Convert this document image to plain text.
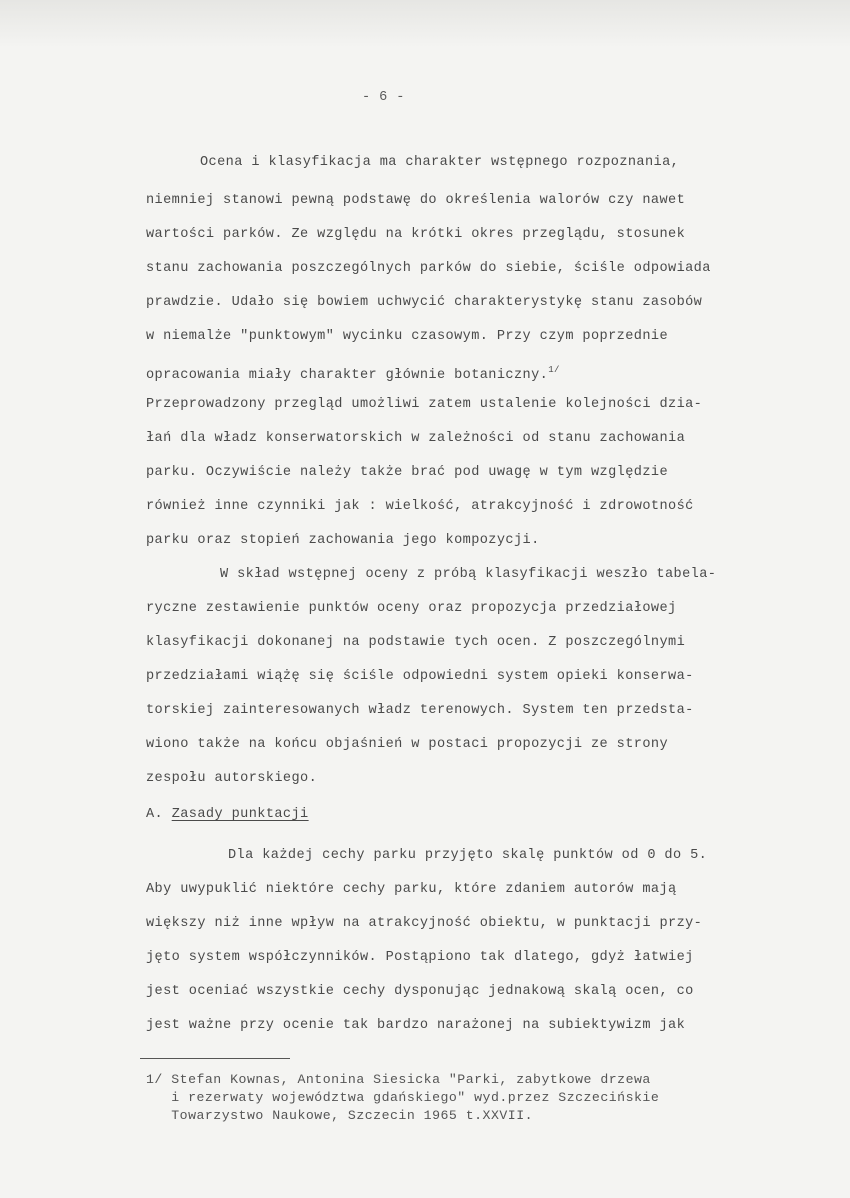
- 6 -
Ocena i klasyfikacja ma charakter wstępnego rozpoznania,
niemniej stanowi pewną podstawę do określenia walorów czy nawet
wartości parków. Ze względu na krótki okres przeglądu, stosunek
stanu zachowania poszczególnych parków do siebie, ściśle odpowiada
prawdzie. Udało się bowiem uchwycić charakterystykę stanu zasobów
w niemalże "punktowym" wycinku czasowym. Przy czym poprzednie
opracowania miały charakter głównie botaniczny.$^{1/}$
Przeprowadzony przegląd umożliwi zatem ustalenie kolejności dzia-
łań dla władz konserwatorskich w zależności od stanu zachowania
parku. Oczywiście należy także brać pod uwagę w tym względzie
również inne czynniki jak : wielkość, atrakcyjność i zdrowotność
parku oraz stopień zachowania jego kompozycji.
W skład wstępnej oceny z próbą klasyfikacji weszło tabela-
ryczne zestawienie punktów oceny oraz propozycja przedziałowej
klasyfikacji dokonanej na podstawie tych ocen. Z poszczególnymi
przedziałami wiążę się ściśle odpowiedni system opieki konserwa-
torskiej zainteresowanych władz terenowych. System ten przedsta-
wiono także na końcu objaśnień w postaci propozycji ze strony
zespołu autorskiego.
A. Zasady punktacji
Dla każdej cechy parku przyjęto skalę punktów od 0 do 5.
Aby uwypuklić niektóre cechy parku, które zdaniem autorów mają
większy niż inne wpływ na atrakcyjność obiektu, w punktacji przy-
jęto system współczynników. Postąpiono tak dlatego, gdyż łatwiej
jest oceniać wszystkie cechy dysponując jednakową skalą ocen, co
jest ważne przy ocenie tak bardzo narażonej na subiektywizm jak
1/ Stefan Kownas, Antonina Siesicka "Parki, zabytkowe drzewa
i rezerwaty województwa gdańskiego" wyd.przez Szczecińskie
Towarzystwo Naukowe, Szczecin 1965 t.XXVII.
